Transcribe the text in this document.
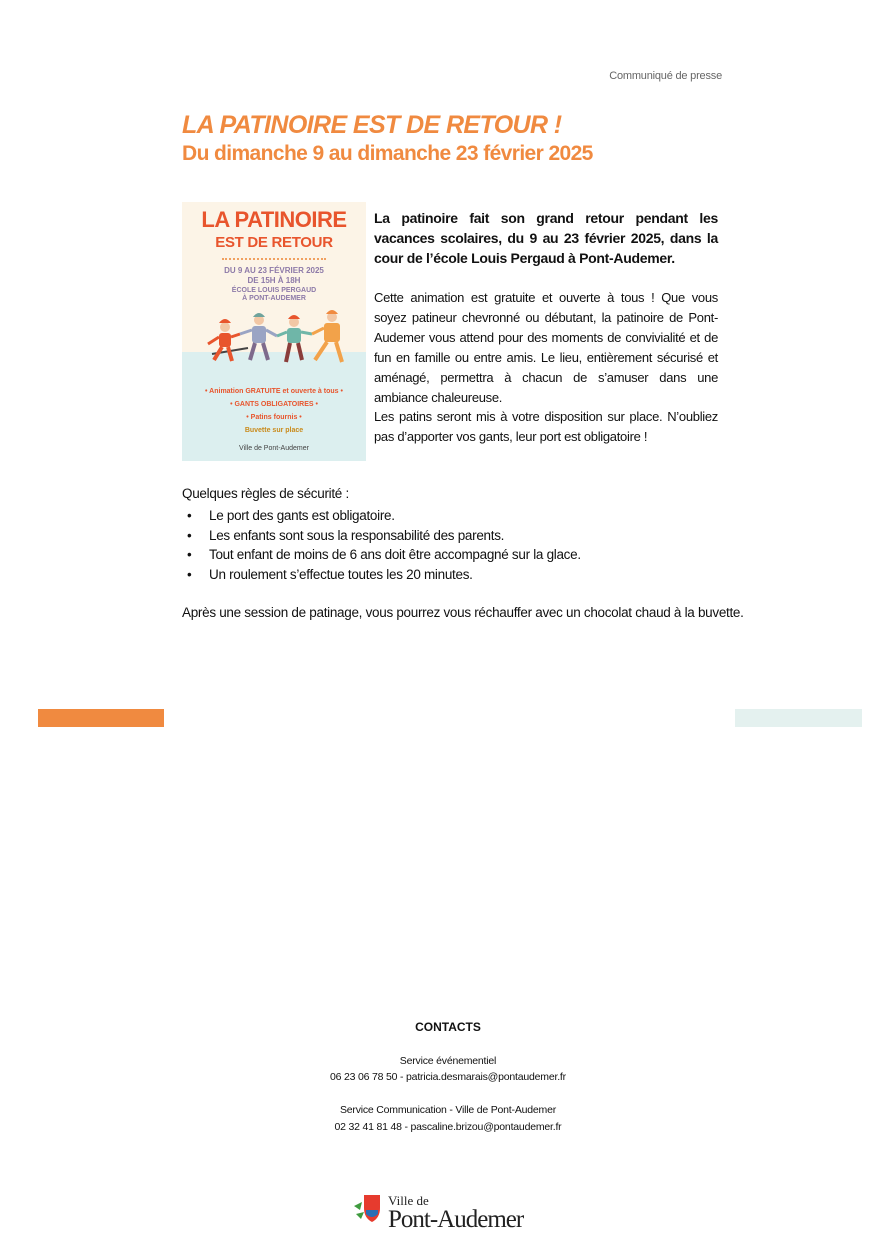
Communiqué de presse
LA PATINOIRE EST DE RETOUR !
Du dimanche 9 au dimanche 23 février 2025
LA PATINOIRE
EST DE RETOUR
DU 9 AU 23 FÉVRIER 2025
DE 15H À 18H
ÉCOLE LOUIS PERGAUD
À PONT-AUDEMER
• Animation GRATUITE et ouverte à tous •
• GANTS OBLIGATOIRES •
• Patins fournis •
Buvette sur place
Ville de Pont-Audemer

La patinoire fait son grand retour pendant les vacances scolaires, du 9 au 23 février 2025, dans la cour de l’école Louis Pergaud à Pont-Audemer.

Cette animation est gratuite et ouverte à tous ! Que vous soyez patineur chevronné ou débutant, la patinoire de Pont-Audemer vous attend pour des moments de convivialité et de fun en famille ou entre amis. Le lieu, entièrement sécurisé et aménagé, permettra à chacun de s’amuser dans une ambiance chaleureuse.

Les patins seront mis à votre disposition sur place. N’oubliez pas d’apporter vos gants, leur port est obligatoire !

Quelques règles de sécurité :

• Le port des gants est obligatoire.
• Les enfants sont sous la responsabilité des parents.
• Tout enfant de moins de 6 ans doit être accompagné sur la glace.
• Un roulement s’effectue toutes les 20 minutes.

Après une session de patinage, vous pourrez vous réchauffer avec un chocolat chaud à la buvette.

CONTACTS
Service événementiel
06 23 06 78 50 - patricia.desmarais@pontaudemer.fr
Service Communication - Ville de Pont-Audemer
02 32 41 81 48 - pascaline.brizou@pontaudemer.fr
Ville de
Pont-Audemer
